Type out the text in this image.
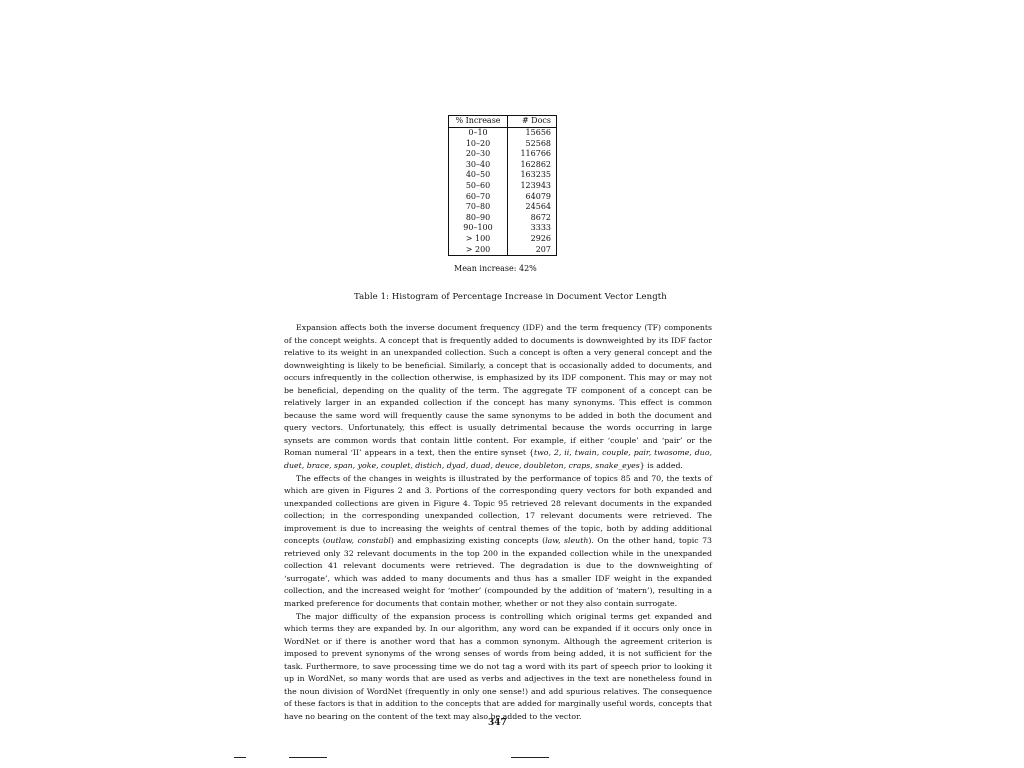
% Increase	# Docs
0–10	15656
10–20	52568
20–30	116766
30–40	162862
40–50	163235
50–60	123943
60–70	64079
70–80	24564
80–90	8672
90–100	3333
> 100	2926
> 200	207
Mean increase: 42%
Table 1: Histogram of Percentage Increase in Document Vector Length

Expansion affects both the inverse document frequency (IDF) and the term frequency (TF) components of the concept weights. A concept that is frequently added to documents is downweighted by its IDF factor relative to its weight in an unexpanded collection. Such a concept is often a very general concept and the downweighting is likely to be beneficial. Similarly, a concept that is occasionally added to documents, and occurs infrequently in the collection otherwise, is emphasized by its IDF component. This may or may not be beneficial, depending on the quality of the term. The aggregate TF component of a concept can be relatively larger in an expanded collection if the concept has many synonyms. This effect is common because the same word will frequently cause the same synonyms to be added in both the document and query vectors. Unfortunately, this effect is usually detrimental because the words occurring in large synsets are common words that contain little content. For example, if either ‘couple’ and ‘pair’ or the Roman numeral ‘II’ appears in a text, then the entire synset {two, 2, ii, twain, couple, pair, twosome, duo, duet, brace, span, yoke, couplet, distich, dyad, duad, deuce, doubleton, craps, snake_eyes} is added.

The effects of the changes in weights is illustrated by the performance of topics 85 and 70, the texts of which are given in Figures 2 and 3. Portions of the corresponding query vectors for both expanded and unexpanded collections are given in Figure 4. Topic 95 retrieved 28 relevant documents in the expanded collection; in the corresponding unexpanded collection, 17 relevant documents were retrieved. The improvement is due to increasing the weights of central themes of the topic, both by adding additional concepts (outlaw, constabl) and emphasizing existing concepts (law, sleuth). On the other hand, topic 73 retrieved only 32 relevant documents in the top 200 in the expanded collection while in the unexpanded collection 41 relevant documents were retrieved. The degradation is due to the downweighting of ‘surrogate’, which was added to many documents and thus has a smaller IDF weight in the expanded collection, and the increased weight for ‘mother’ (compounded by the addition of ‘matern’), resulting in a marked preference for documents that contain mother, whether or not they also contain surrogate.

The major difficulty of the expansion process is controlling which original terms get expanded and which terms they are expanded by. In our algorithm, any word can be expanded if it occurs only once in WordNet or if there is another word that has a common synonym. Although the agreement criterion is imposed to prevent synonyms of the wrong senses of words from being added, it is not sufficient for the task. Furthermore, to save processing time we do not tag a word with its part of speech prior to looking it up in WordNet, so many words that are used as verbs and adjectives in the text are nonetheless found in the noun division of WordNet (frequently in only one sense!) and add spurious relatives. The consequence of these factors is that in addition to the concepts that are added for marginally useful words, concepts that have no bearing on the content of the text may also be added to the vector.

347
